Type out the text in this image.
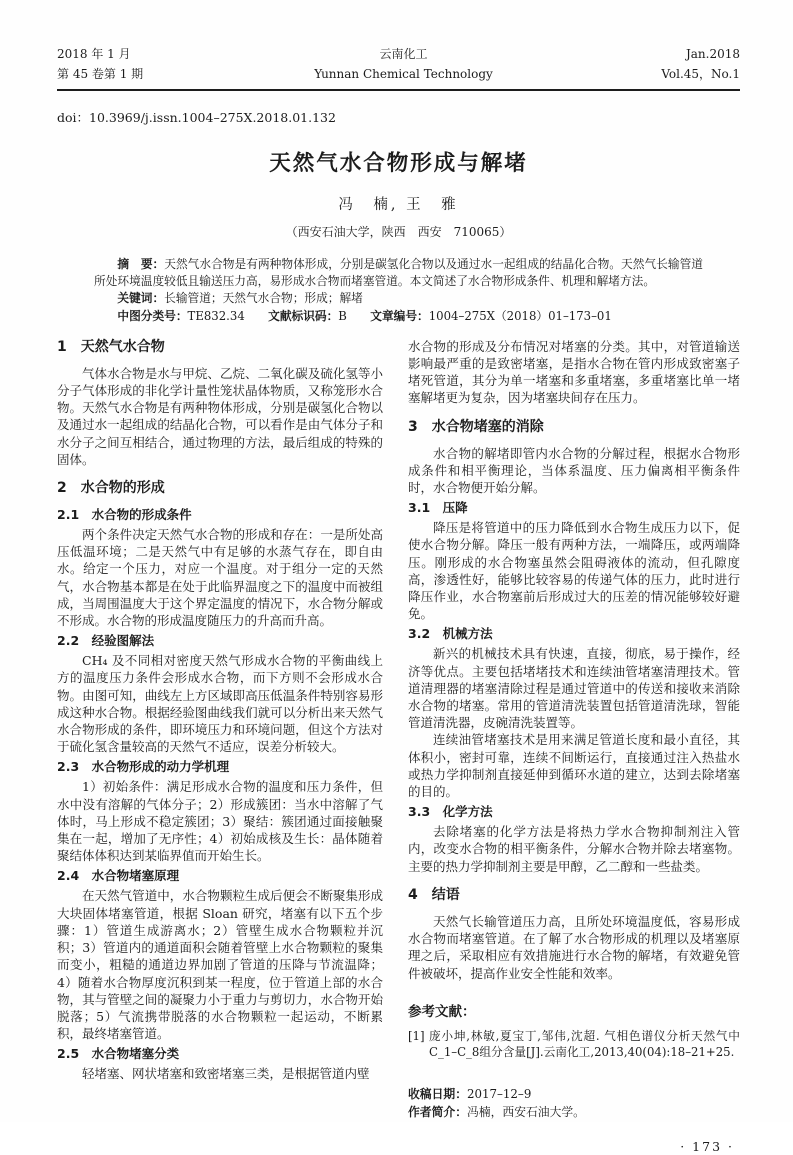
2018 年 1 月
第 45 卷第 1 期
云南化工
Yunnan Chemical Technology
Jan.2018
Vol.45，No.1
doi：10.3969/j.issn.1004–275X.2018.01.132
天然气水合物形成与解堵
冯　楠, 王　雅
（西安石油大学，陕西　西安　710065）
摘　要：天然气水合物是有两种物体形成，分别是碳氢化合物以及通过水一起组成的结晶化合物。天然气长输管道所处环境温度较低且输送压力高，易形成水合物而堵塞管道。本文简述了水合物形成条件、机理和解堵方法。
关键词：长输管道；天然气水合物；形成；解堵
中图分类号：TE832.34 文献标识码：B 文章编号：1004–275X（2018）01–173–01
1　天然气水合物
气体水合物是水与甲烷、乙烷、二氧化碳及硫化氢等小分子气体形成的非化学计量性笼状晶体物质，又称笼形水合物。天然气水合物是有两种物体形成，分别是碳氢化合物以及通过水一起组成的结晶化合物，可以看作是由气体分子和水分子之间互相结合，通过物理的方法，最后组成的特殊的固体。
2　水合物的形成
2.1　水合物的形成条件
两个条件决定天然气水合物的形成和存在：一是所处高压低温环境；二是天然气中有足够的水蒸气存在，即自由水。给定一个压力，对应一个温度。对于组分一定的天然气，水合物基本都是在处于此临界温度之下的温度中而被组成，当周围温度大于这个界定温度的情况下，水合物分解或不形成。水合物的形成温度随压力的升高而升高。
2.2　经验图解法
CH₄ 及不同相对密度天然气形成水合物的平衡曲线上方的温度压力条件会形成水合物，而下方则不会形成水合物。由图可知，曲线左上方区域即高压低温条件特别容易形成这种水合物。根据经验图曲线我们就可以分析出来天然气水合物形成的条件，即环境压力和环境问题，但这个方法对于硫化氢含量较高的天然气不适应，误差分析较大。
2.3　水合物形成的动力学机理
1）初始条件：满足形成水合物的温度和压力条件，但水中没有溶解的气体分子；2）形成簇团：当水中溶解了气体时，马上形成不稳定簇团；3）聚结：簇团通过面接触聚集在一起，增加了无序性；4）初始成核及生长：晶体随着聚结体体积达到某临界值而开始生长。
2.4　水合物堵塞原理
在天然气管道中，水合物颗粒生成后便会不断聚集形成大块固体堵塞管道，根据 Sloan 研究，堵塞有以下五个步骤：1）管道生成游离水；2）管壁生成水合物颗粒并沉积；3）管道内的通道面积会随着管壁上水合物颗粒的聚集而变小，粗糙的通道边界加剧了管道的压降与节流温降；4）随着水合物厚度沉积到某一程度，位于管道上部的水合物，其与管壁之间的凝聚力小于重力与剪切力，水合物开始脱落；5）气流携带脱落的水合物颗粒一起运动，不断累积，最终堵塞管道。
2.5　水合物堵塞分类
轻堵塞、网状堵塞和致密堵塞三类，是根据管道内壁
水合物的形成及分布情况对堵塞的分类。其中，对管道输送影响最严重的是致密堵塞，是指水合物在管内形成致密塞子堵死管道，其分为单一堵塞和多重堵塞，多重堵塞比单一堵塞解堵更为复杂，因为堵塞块间存在压力。
3　水合物堵塞的消除
水合物的解堵即管内水合物的分解过程，根据水合物形成条件和相平衡理论，当体系温度、压力偏离相平衡条件时，水合物便开始分解。
3.1　压降
降压是将管道中的压力降低到水合物生成压力以下，促使水合物分解。降压一般有两种方法，一端降压，或两端降压。刚形成的水合物塞虽然会阻碍液体的流动，但孔隙度高，渗透性好，能够比较容易的传递气体的压力，此时进行降压作业，水合物塞前后形成过大的压差的情况能够较好避免。
3.2　机械方法
新兴的机械技术具有快速，直接，彻底，易于操作，经济等优点。主要包括堵堵技术和连续油管堵塞清理技术。管道清理器的堵塞清除过程是通过管道中的传送和接收来消除水合物的堵塞。常用的管道清洗装置包括管道清洗球，智能管道清洗器，皮碗清洗装置等。
连续油管堵塞技术是用来满足管道长度和最小直径，其体积小，密封可靠，连续不间断运行，直接通过注入热盐水或热力学抑制剂直接延伸到循环水道的建立，达到去除堵塞的目的。
3.3　化学方法
去除堵塞的化学方法是将热力学水合物抑制剂注入管内，改变水合物的相平衡条件，分解水合物并除去堵塞物。 主要的热力学抑制剂主要是甲醇，乙二醇和一些盐类。
4　结语
天然气长输管道压力高，且所处环境温度低，容易形成水合物而堵塞管道。在了解了水合物形成的机理以及堵塞原理之后，采取相应有效措施进行水合物的解堵，有效避免管件被破坏，提高作业安全性能和效率。
参考文献：
[1] 庞小坤,林敏,夏宝丁,邹伟,沈超. 气相色谱仪分析天然气中C_1–C_8组分含量[J].云南化工,2013,40(04):18–21+25.
收稿日期：2017–12–9
作者简介：冯楠，西安石油大学。
· 173 ·
